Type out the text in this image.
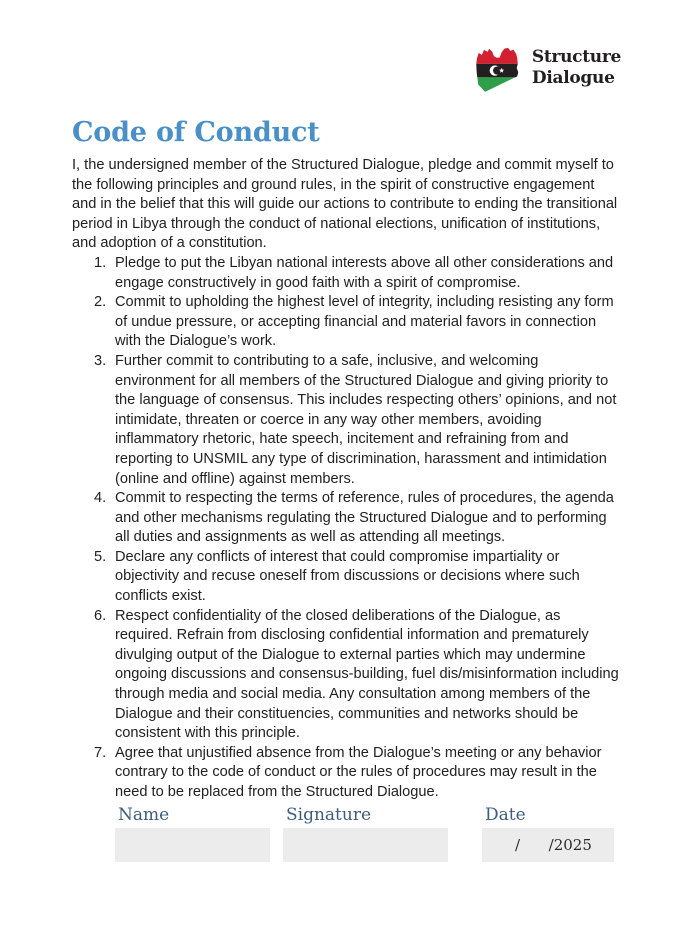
Structure
Dialogue
Code of Conduct

I, the undersigned member of the Structured Dialogue, pledge and commit myself to the following principles and ground rules, in the spirit of constructive engagement and in the belief that this will guide our actions to contribute to ending the transitional period in Libya through the conduct of national elections, unification of institutions, and adoption of a constitution.

1. Pledge to put the Libyan national interests above all other considerations and engage constructively in good faith with a spirit of compromise.
2. Commit to upholding the highest level of integrity, including resisting any form of undue pressure, or accepting financial and material favors in connection with the Dialogue’s work.
3. Further commit to contributing to a safe, inclusive, and welcoming environment for all members of the Structured Dialogue and giving priority to the language of consensus. This includes respecting others’ opinions, and not intimidate, threaten or coerce in any way other members, avoiding inflammatory rhetoric, hate speech, incitement and refraining from and reporting to UNSMIL any type of discrimination, harassment and intimidation (online and offline) against members.
4. Commit to respecting the terms of reference, rules of procedures, the agenda and other mechanisms regulating the Structured Dialogue and to performing all duties and assignments as well as attending all meetings.
5. Declare any conflicts of interest that could compromise impartiality or objectivity and recuse oneself from discussions or decisions where such conflicts exist.
6. Respect confidentiality of the closed deliberations of the Dialogue, as required. Refrain from disclosing confidential information and prematurely divulging output of the Dialogue to external parties which may undermine ongoing discussions and consensus-building, fuel dis/misinformation including through media and social media. Any consultation among members of the Dialogue and their constituencies, communities and networks should be consistent with this principle.
7. Agree that unjustified absence from the Dialogue’s meeting or any behavior contrary to the code of conduct or the rules of procedures may result in the need to be replaced from the Structured Dialogue.
Name	Signature	Date
/      /2025
